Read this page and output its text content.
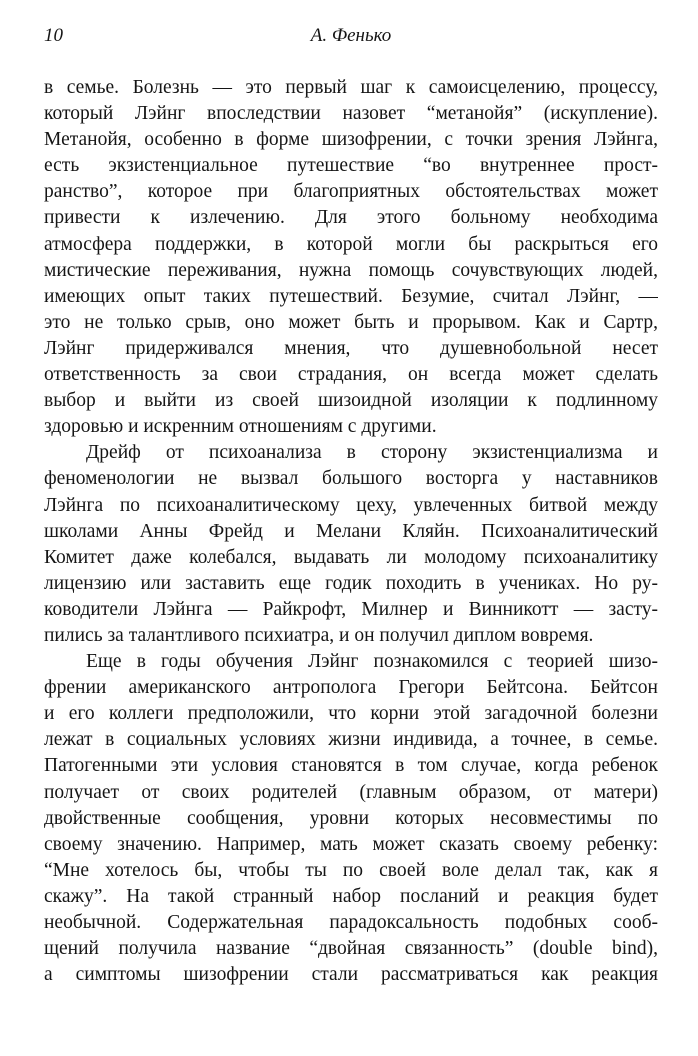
10	А. Фенько
в семье. Болезнь — это первый шаг к самоисцелению, процессу,
который Лэйнг впоследствии назовет “метанойя” (искупление).
Метанойя, особенно в форме шизофрении, с точки зрения Лэйнга,
есть экзистенциальное путешествие “во внутреннее прост-
ранство”, которое при благоприятных обстоятельствах может
привести к излечению. Для этого больному необходима
атмосфера поддержки, в которой могли бы раскрыться его
мистические переживания, нужна помощь сочувствующих людей,
имеющих опыт таких путешествий. Безумие, считал Лэйнг, —
это не только срыв, оно может быть и прорывом. Как и Сартр,
Лэйнг придерживался мнения, что душевнобольной несет
ответственность за свои страдания, он всегда может сделать
выбор и выйти из своей шизоидной изоляции к подлинному
здоровью и искренним отношениям с другими.
Дрейф от психоанализа в сторону экзистенциализма и
феноменологии не вызвал большого восторга у наставников
Лэйнга по психоаналитическому цеху, увлеченных битвой между
школами Анны Фрейд и Мелани Кляйн. Психоаналитический
Комитет даже колебался, выдавать ли молодому психоаналитику
лицензию или заставить еще годик походить в учениках. Но ру-
ководители Лэйнга — Райкрофт, Милнер и Винникотт — засту-
пились за талантливого психиатра, и он получил диплом вовремя.
Еще в годы обучения Лэйнг познакомился с теорией шизо-
френии американского антрополога Грегори Бейтсона. Бейтсон
и его коллеги предположили, что корни этой загадочной болезни
лежат в социальных условиях жизни индивида, а точнее, в семье.
Патогенными эти условия становятся в том случае, когда ребенок
получает от своих родителей (главным образом, от матери)
двойственные сообщения, уровни которых несовместимы по
своему значению. Например, мать может сказать своему ребенку:
“Мне хотелось бы, чтобы ты по своей воле делал так, как я
скажу”. На такой странный набор посланий и реакция будет
необычной. Содержательная парадоксальность подобных сооб-
щений получила название “двойная связанность” (double bind),
а симптомы шизофрении стали рассматриваться как реакция
